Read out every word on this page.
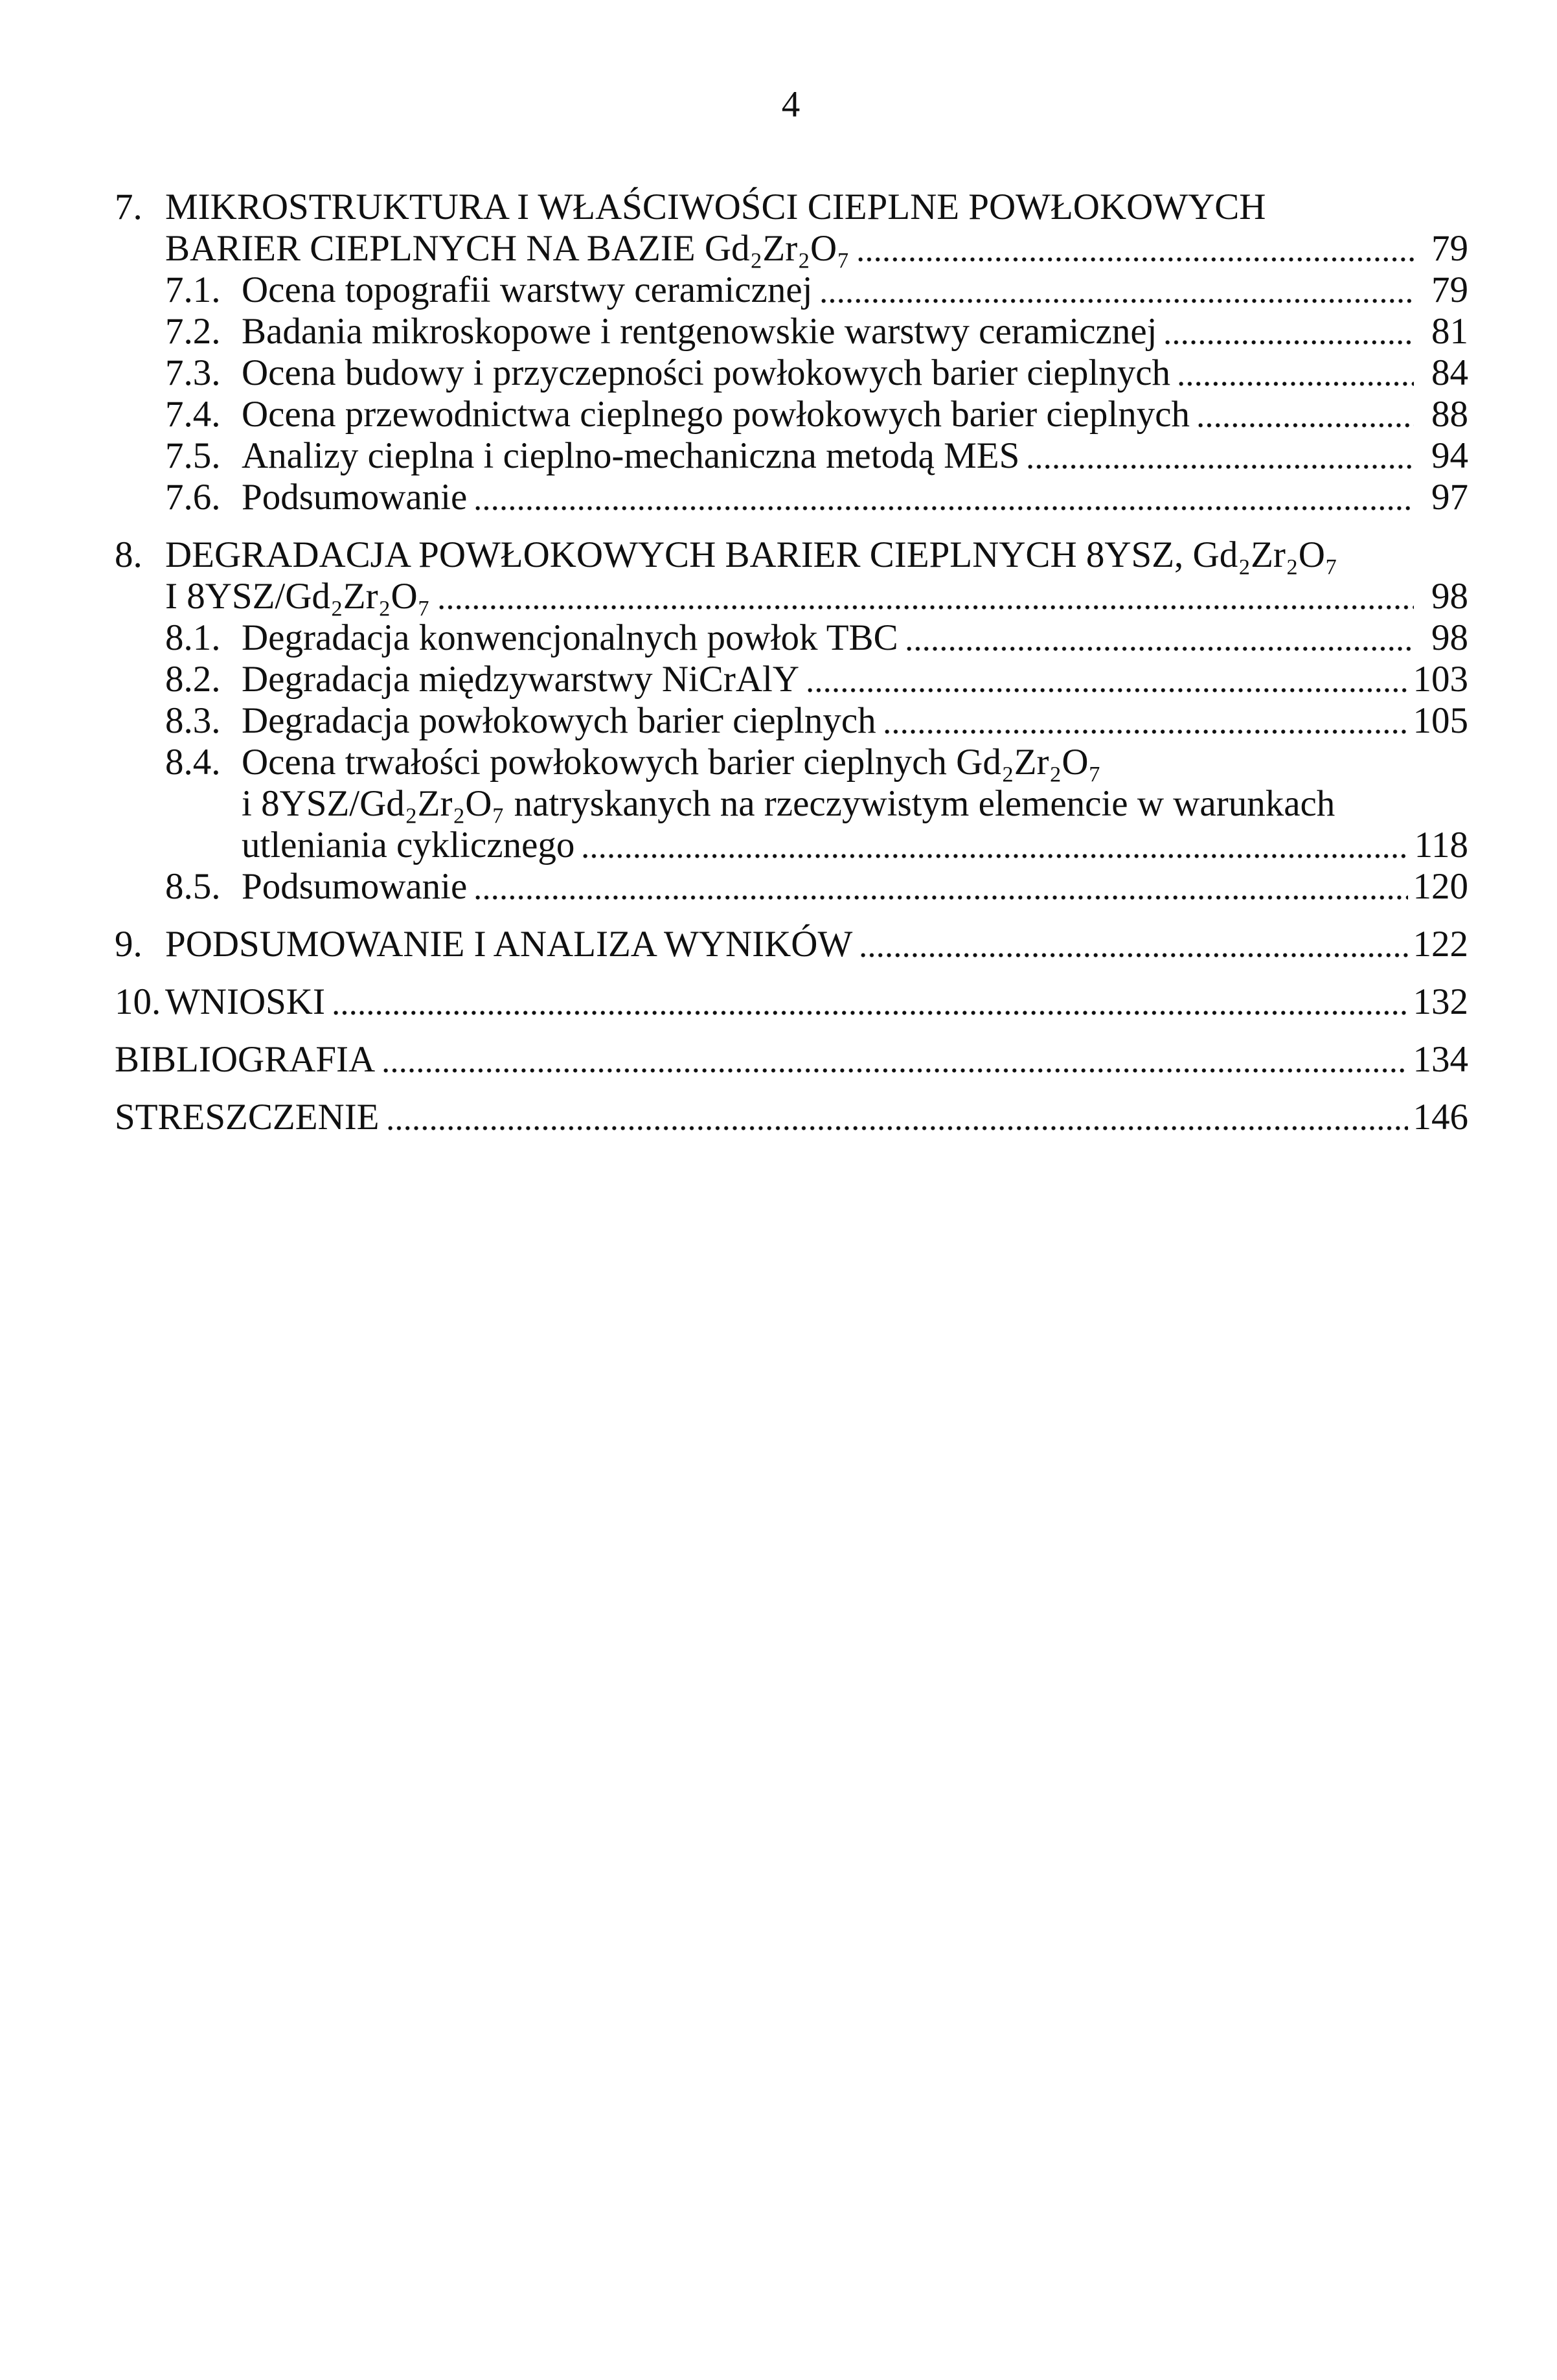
4
7. MIKROSTRUKTURA I WŁAŚCIWOŚCI CIEPLNE POWŁOKOWYCH
BARIER CIEPLNYCH NA BAZIE Gd₂Zr₂O₇	79
7.1. Ocena topografii warstwy ceramicznej	79
7.2. Badania mikroskopowe i rentgenowskie warstwy ceramicznej	81
7.3. Ocena budowy i przyczepności powłokowych barier cieplnych	84
7.4. Ocena przewodnictwa cieplnego powłokowych barier cieplnych	88
7.5. Analizy cieplna i cieplno-mechaniczna metodą MES	94
7.6. Podsumowanie	97
8. DEGRADACJA POWŁOKOWYCH BARIER CIEPLNYCH 8YSZ, Gd₂Zr₂O₇
I 8YSZ/Gd₂Zr₂O₇	98
8.1. Degradacja konwencjonalnych powłok TBC	98
8.2. Degradacja międzywarstwy NiCrAlY	103
8.3. Degradacja powłokowych barier cieplnych	105
8.4. Ocena trwałości powłokowych barier cieplnych Gd₂Zr₂O₇
i 8YSZ/Gd₂Zr₂O₇ natryskanych na rzeczywistym elemencie w warunkach
utleniania cyklicznego	118
8.5. Podsumowanie	120
9. PODSUMOWANIE I ANALIZA WYNIKÓW	122
10. WNIOSKI	132
BIBLIOGRAFIA	134
STRESZCZENIE	146
